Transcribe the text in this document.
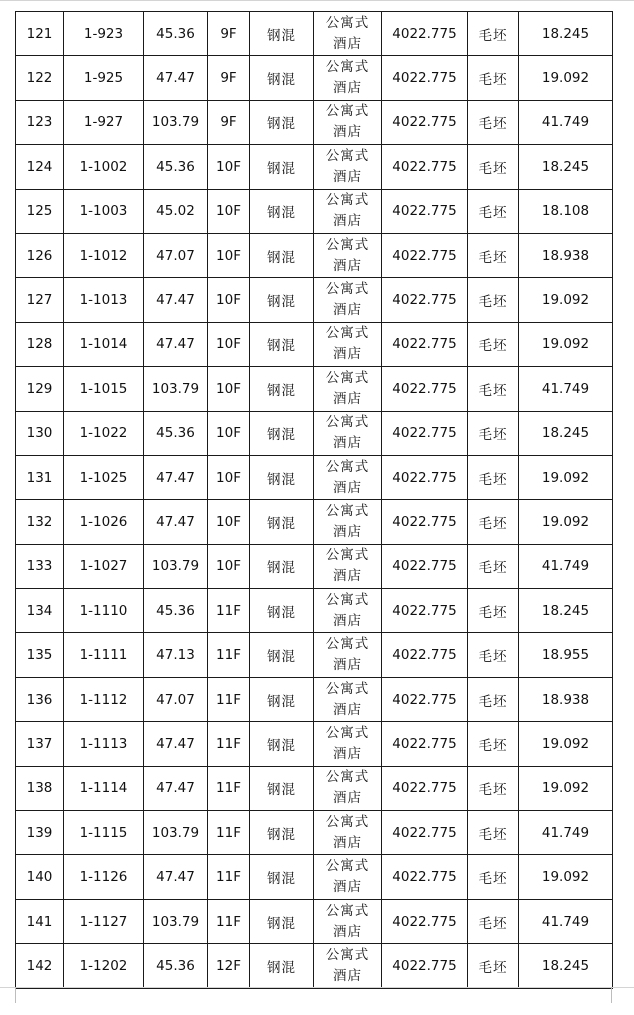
121	1-923	45.36	9F	钢混	公寓式
酒店	4022.775	毛坯	18.245
122	1-925	47.47	9F	钢混	公寓式
酒店	4022.775	毛坯	19.092
123	1-927	103.79	9F	钢混	公寓式
酒店	4022.775	毛坯	41.749
124	1-1002	45.36	10F	钢混	公寓式
酒店	4022.775	毛坯	18.245
125	1-1003	45.02	10F	钢混	公寓式
酒店	4022.775	毛坯	18.108
126	1-1012	47.07	10F	钢混	公寓式
酒店	4022.775	毛坯	18.938
127	1-1013	47.47	10F	钢混	公寓式
酒店	4022.775	毛坯	19.092
128	1-1014	47.47	10F	钢混	公寓式
酒店	4022.775	毛坯	19.092
129	1-1015	103.79	10F	钢混	公寓式
酒店	4022.775	毛坯	41.749
130	1-1022	45.36	10F	钢混	公寓式
酒店	4022.775	毛坯	18.245
131	1-1025	47.47	10F	钢混	公寓式
酒店	4022.775	毛坯	19.092
132	1-1026	47.47	10F	钢混	公寓式
酒店	4022.775	毛坯	19.092
133	1-1027	103.79	10F	钢混	公寓式
酒店	4022.775	毛坯	41.749
134	1-1110	45.36	11F	钢混	公寓式
酒店	4022.775	毛坯	18.245
135	1-1111	47.13	11F	钢混	公寓式
酒店	4022.775	毛坯	18.955
136	1-1112	47.07	11F	钢混	公寓式
酒店	4022.775	毛坯	18.938
137	1-1113	47.47	11F	钢混	公寓式
酒店	4022.775	毛坯	19.092
138	1-1114	47.47	11F	钢混	公寓式
酒店	4022.775	毛坯	19.092
139	1-1115	103.79	11F	钢混	公寓式
酒店	4022.775	毛坯	41.749
140	1-1126	47.47	11F	钢混	公寓式
酒店	4022.775	毛坯	19.092
141	1-1127	103.79	11F	钢混	公寓式
酒店	4022.775	毛坯	41.749
142	1-1202	45.36	12F	钢混	公寓式
酒店	4022.775	毛坯	18.245
